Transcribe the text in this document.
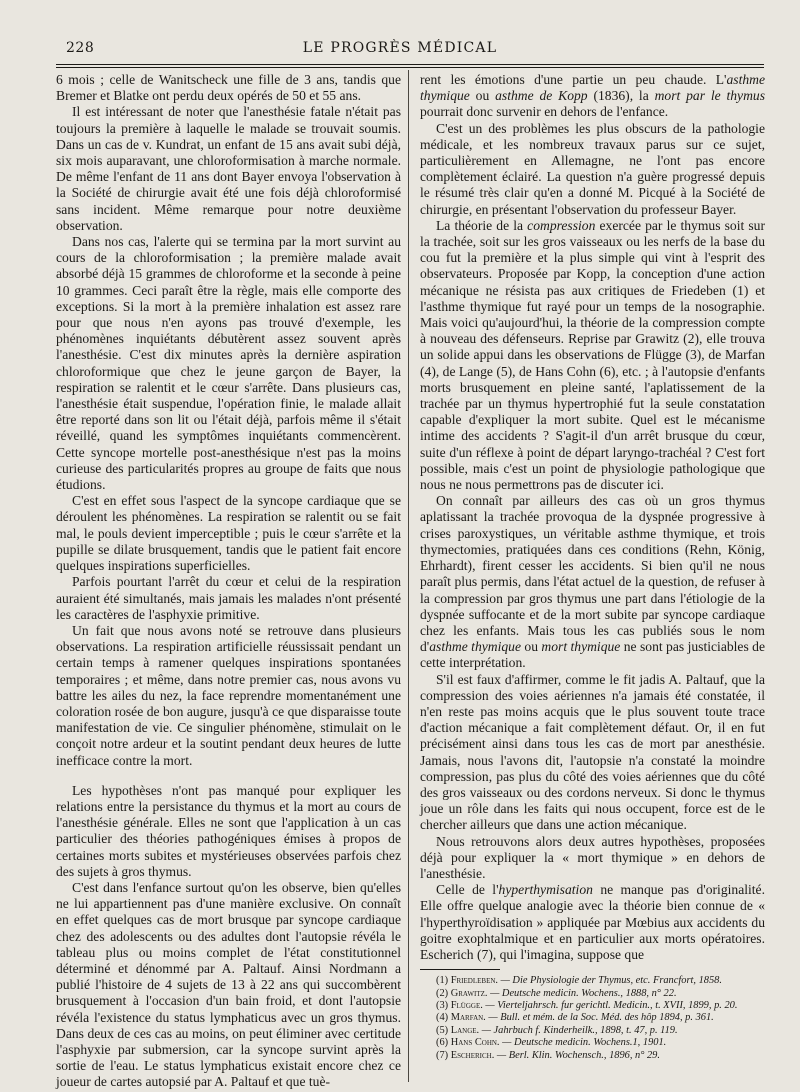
228	LE PROGRÈS MÉDICAL

6 mois ; celle de Wanitscheck une fille de 3 ans, tandis que Bremer et Blatke ont perdu deux opérés de 50 et 55 ans.

Il est intéressant de noter que l'anesthésie fatale n'était pas toujours la première à laquelle le malade se trouvait soumis. Dans un cas de v. Kundrat, un enfant de 15 ans avait subi déjà, six mois auparavant, une chloroformisation à marche normale. De même l'enfant de 11 ans dont Bayer envoya l'observation à la Société de chirurgie avait été une fois déjà chloroformisé sans incident. Même remarque pour notre deuxième observation.

Dans nos cas, l'alerte qui se termina par la mort survint au cours de la chloroformisation ; la première malade avait absorbé déjà 15 grammes de chloroforme et la seconde à peine 10 grammes. Ceci paraît être la règle, mais elle comporte des exceptions. Si la mort à la première inhalation est assez rare pour que nous n'en ayons pas trouvé d'exemple, les phénomènes inquiétants débutèrent assez souvent après l'anesthésie. C'est dix minutes après la dernière aspiration chloroformique que chez le jeune garçon de Bayer, la respiration se ralentit et le cœur s'arrête. Dans plusieurs cas, l'anesthésie était suspendue, l'opération finie, le malade allait être reporté dans son lit ou l'était déjà, parfois même il s'était réveillé, quand les symptômes inquiétants commencèrent. Cette syncope mortelle post-anesthésique n'est pas la moins curieuse des particularités propres au groupe de faits que nous étudions.

C'est en effet sous l'aspect de la syncope cardiaque que se déroulent les phénomènes. La respiration se ralentit ou se fait mal, le pouls devient imperceptible ; puis le cœur s'arrête et la pupille se dilate brusquement, tandis que le patient fait encore quelques inspirations superficielles.

Parfois pourtant l'arrêt du cœur et celui de la respiration auraient été simultanés, mais jamais les malades n'ont présenté les caractères de l'asphyxie primitive.

Un fait que nous avons noté se retrouve dans plusieurs observations. La respiration artificielle réussissait pendant un certain temps à ramener quelques inspirations spontanées temporaires ; et même, dans notre premier cas, nous avons vu battre les ailes du nez, la face reprendre momentanément une coloration rosée de bon augure, jusqu'à ce que disparaisse toute manifestation de vie. Ce singulier phénomène, stimulait on le conçoit notre ardeur et la soutint pendant deux heures de lutte inefficace contre la mort.

Les hypothèses n'ont pas manqué pour expliquer les relations entre la persistance du thymus et la mort au cours de l'anesthésie générale. Elles ne sont que l'application à un cas particulier des théories pathogéniques émises à propos de certaines morts subites et mystérieuses observées parfois chez des sujets à gros thymus.

C'est dans l'enfance surtout qu'on les observe, bien qu'elles ne lui appartiennent pas d'une manière exclusive. On connaît en effet quelques cas de mort brusque par syncope cardiaque chez des adolescents ou des adultes dont l'autopsie révéla le tableau plus ou moins complet de l'état constitutionnel déterminé et dénommé par A. Paltauf. Ainsi Nordmann a publié l'histoire de 4 sujets de 13 à 22 ans qui succombèrent brusquement à l'occasion d'un bain froid, et dont l'autopsie révéla l'existence du status lymphaticus avec un gros thymus. Dans deux de ces cas au moins, on peut éliminer avec certitude l'asphyxie par submersion, car la syncope survint après la sortie de l'eau. Le status lymphaticus existait encore chez ce joueur de cartes autopsié par A. Paltauf et que tuè-

rent les émotions d'une partie un peu chaude. L'asthme thymique ou asthme de Kopp (1836), la mort par le thymus pourrait donc survenir en dehors de l'enfance.

C'est un des problèmes les plus obscurs de la pathologie médicale, et les nombreux travaux parus sur ce sujet, particulièrement en Allemagne, ne l'ont pas encore complètement éclairé. La question n'a guère progressé depuis le résumé très clair qu'en a donné M. Picqué à la Société de chirurgie, en présentant l'observation du professeur Bayer.

La théorie de la compression exercée par le thymus soit sur la trachée, soit sur les gros vaisseaux ou les nerfs de la base du cou fut la première et la plus simple qui vint à l'esprit des observateurs. Proposée par Kopp, la conception d'une action mécanique ne résista pas aux critiques de Friedeben (1) et l'asthme thymique fut rayé pour un temps de la nosographie. Mais voici qu'aujourd'hui, la théorie de la compression compte à nouveau des défenseurs. Reprise par Grawitz (2), elle trouva un solide appui dans les observations de Flügge (3), de Marfan (4), de Lange (5), de Hans Cohn (6), etc. ; à l'autopsie d'enfants morts brusquement en pleine santé, l'aplatissement de la trachée par un thymus hypertrophié fut la seule constatation capable d'expliquer la mort subite. Quel est le mécanisme intime des accidents ? S'agit-il d'un arrêt brusque du cœur, suite d'un réflexe à point de départ laryngo-trachéal ? C'est fort possible, mais c'est un point de physiologie pathologique que nous ne nous permettrons pas de discuter ici.

On connaît par ailleurs des cas où un gros thymus aplatissant la trachée provoqua de la dyspnée progressive à crises paroxystiques, un véritable asthme thymique, et trois thymectomies, pratiquées dans ces conditions (Rehn, König, Ehrhardt), firent cesser les accidents. Si bien qu'il ne nous paraît plus permis, dans l'état actuel de la question, de refuser à la compression par gros thymus une part dans l'étiologie de la dyspnée suffocante et de la mort subite par syncope cardiaque chez les enfants. Mais tous les cas publiés sous le nom d'asthme thymique ou mort thymique ne sont pas justiciables de cette interprétation.

S'il est faux d'affirmer, comme le fit jadis A. Paltauf, que la compression des voies aériennes n'a jamais été constatée, il n'en reste pas moins acquis que le plus souvent toute trace d'action mécanique a fait complètement défaut. Or, il en fut précisément ainsi dans tous les cas de mort par anesthésie. Jamais, nous l'avons dit, l'autopsie n'a constaté la moindre compression, pas plus du côté des voies aériennes que du côté des gros vaisseaux ou des cordons nerveux. Si donc le thymus joue un rôle dans les faits qui nous occupent, force est de le chercher ailleurs que dans une action mécanique.

Nous retrouvons alors deux autres hypothèses, proposées déjà pour expliquer la « mort thymique » en dehors de l'anesthésie.

Celle de l'hyperthymisation ne manque pas d'originalité. Elle offre quelque analogie avec la théorie bien connue de « l'hyperthyroïdisation » appliquée par Mœbius aux accidents du goitre exophtalmique et en particulier aux morts opératoires. Escherich (7), qui l'imagina, suppose que

(1) Friedleben. — Die Physiologie der Thymus, etc. Francfort, 1858.
(2) Grawitz. — Deutsche medicin. Wochens., 1888, n° 22.
(3) Flügge. — Vierteljahrsch. fur gerichtl. Medicin., t. XVII, 1899, p. 20.
(4) Marfan. — Bull. et mém. de la Soc. Méd. des hôp 1894, p. 361.
(5) Lange. — Jahrbuch f. Kinderheilk., 1898, t. 47, p. 119.
(6) Hans Cohn. — Deutsche medicin. Wochens.1, 1901.
(7) Escherich. — Berl. Klin. Wochensch., 1896, n° 29.
